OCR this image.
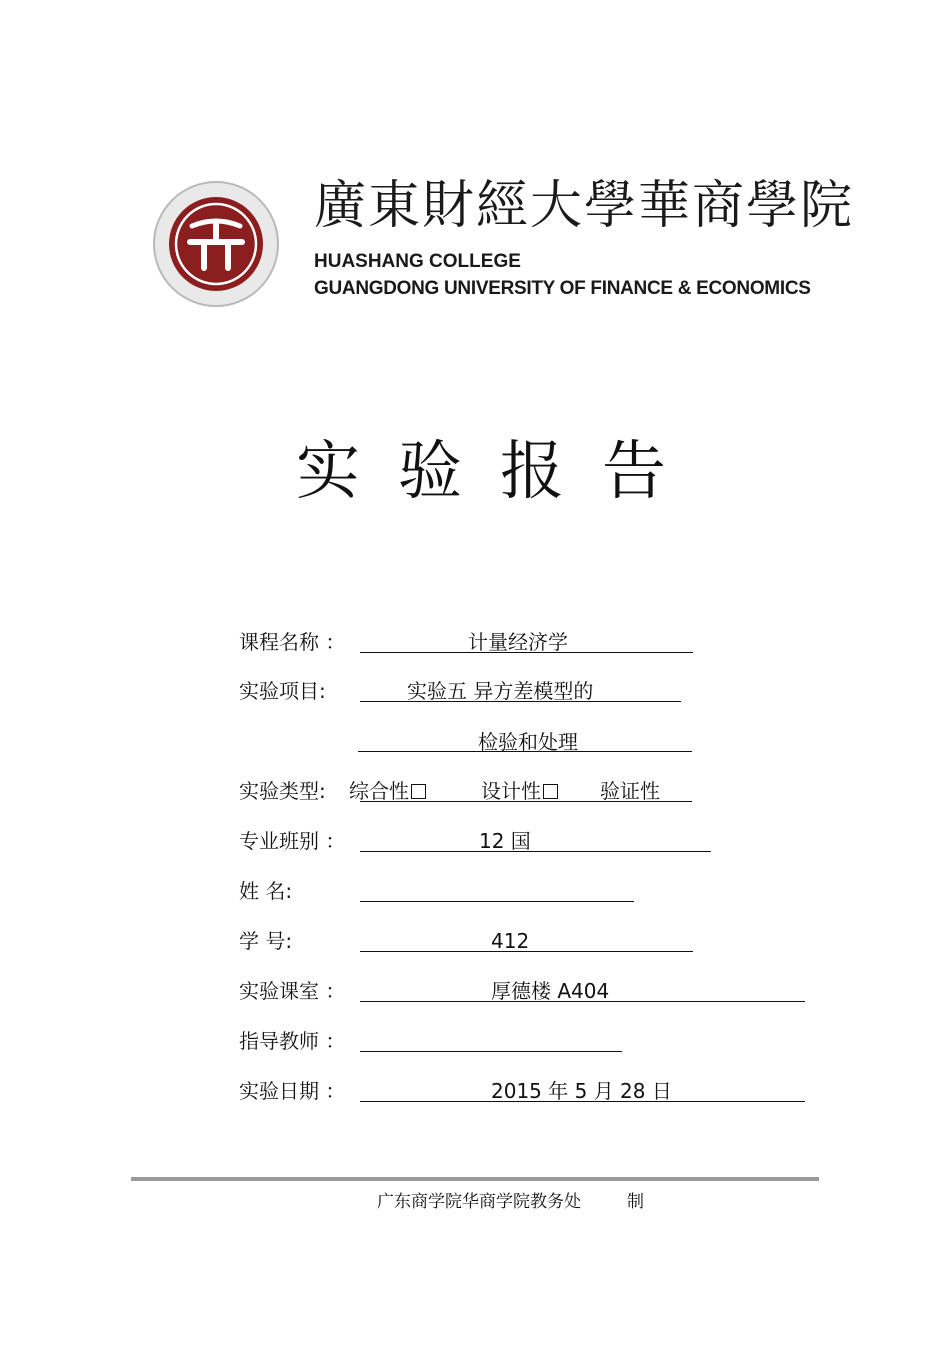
廣東財經大學華商學院
HUASHANG COLLEGE
GUANGDONG UNIVERSITY OF FINANCE & ECONOMICS
实验报告
课程名称 ：	计量经济学
实验项目:	实验五 异方差模型的
检验和处理
实验类型: 综合性	设计性	验证性
专业班别 ：	12 国
姓 名:
学 号:	412
实验课室 ：	厚德楼 A404
指导教师 ：
实验日期 ：	2015 年 5 月 28 日
广东商学院华商学院教务处	制
